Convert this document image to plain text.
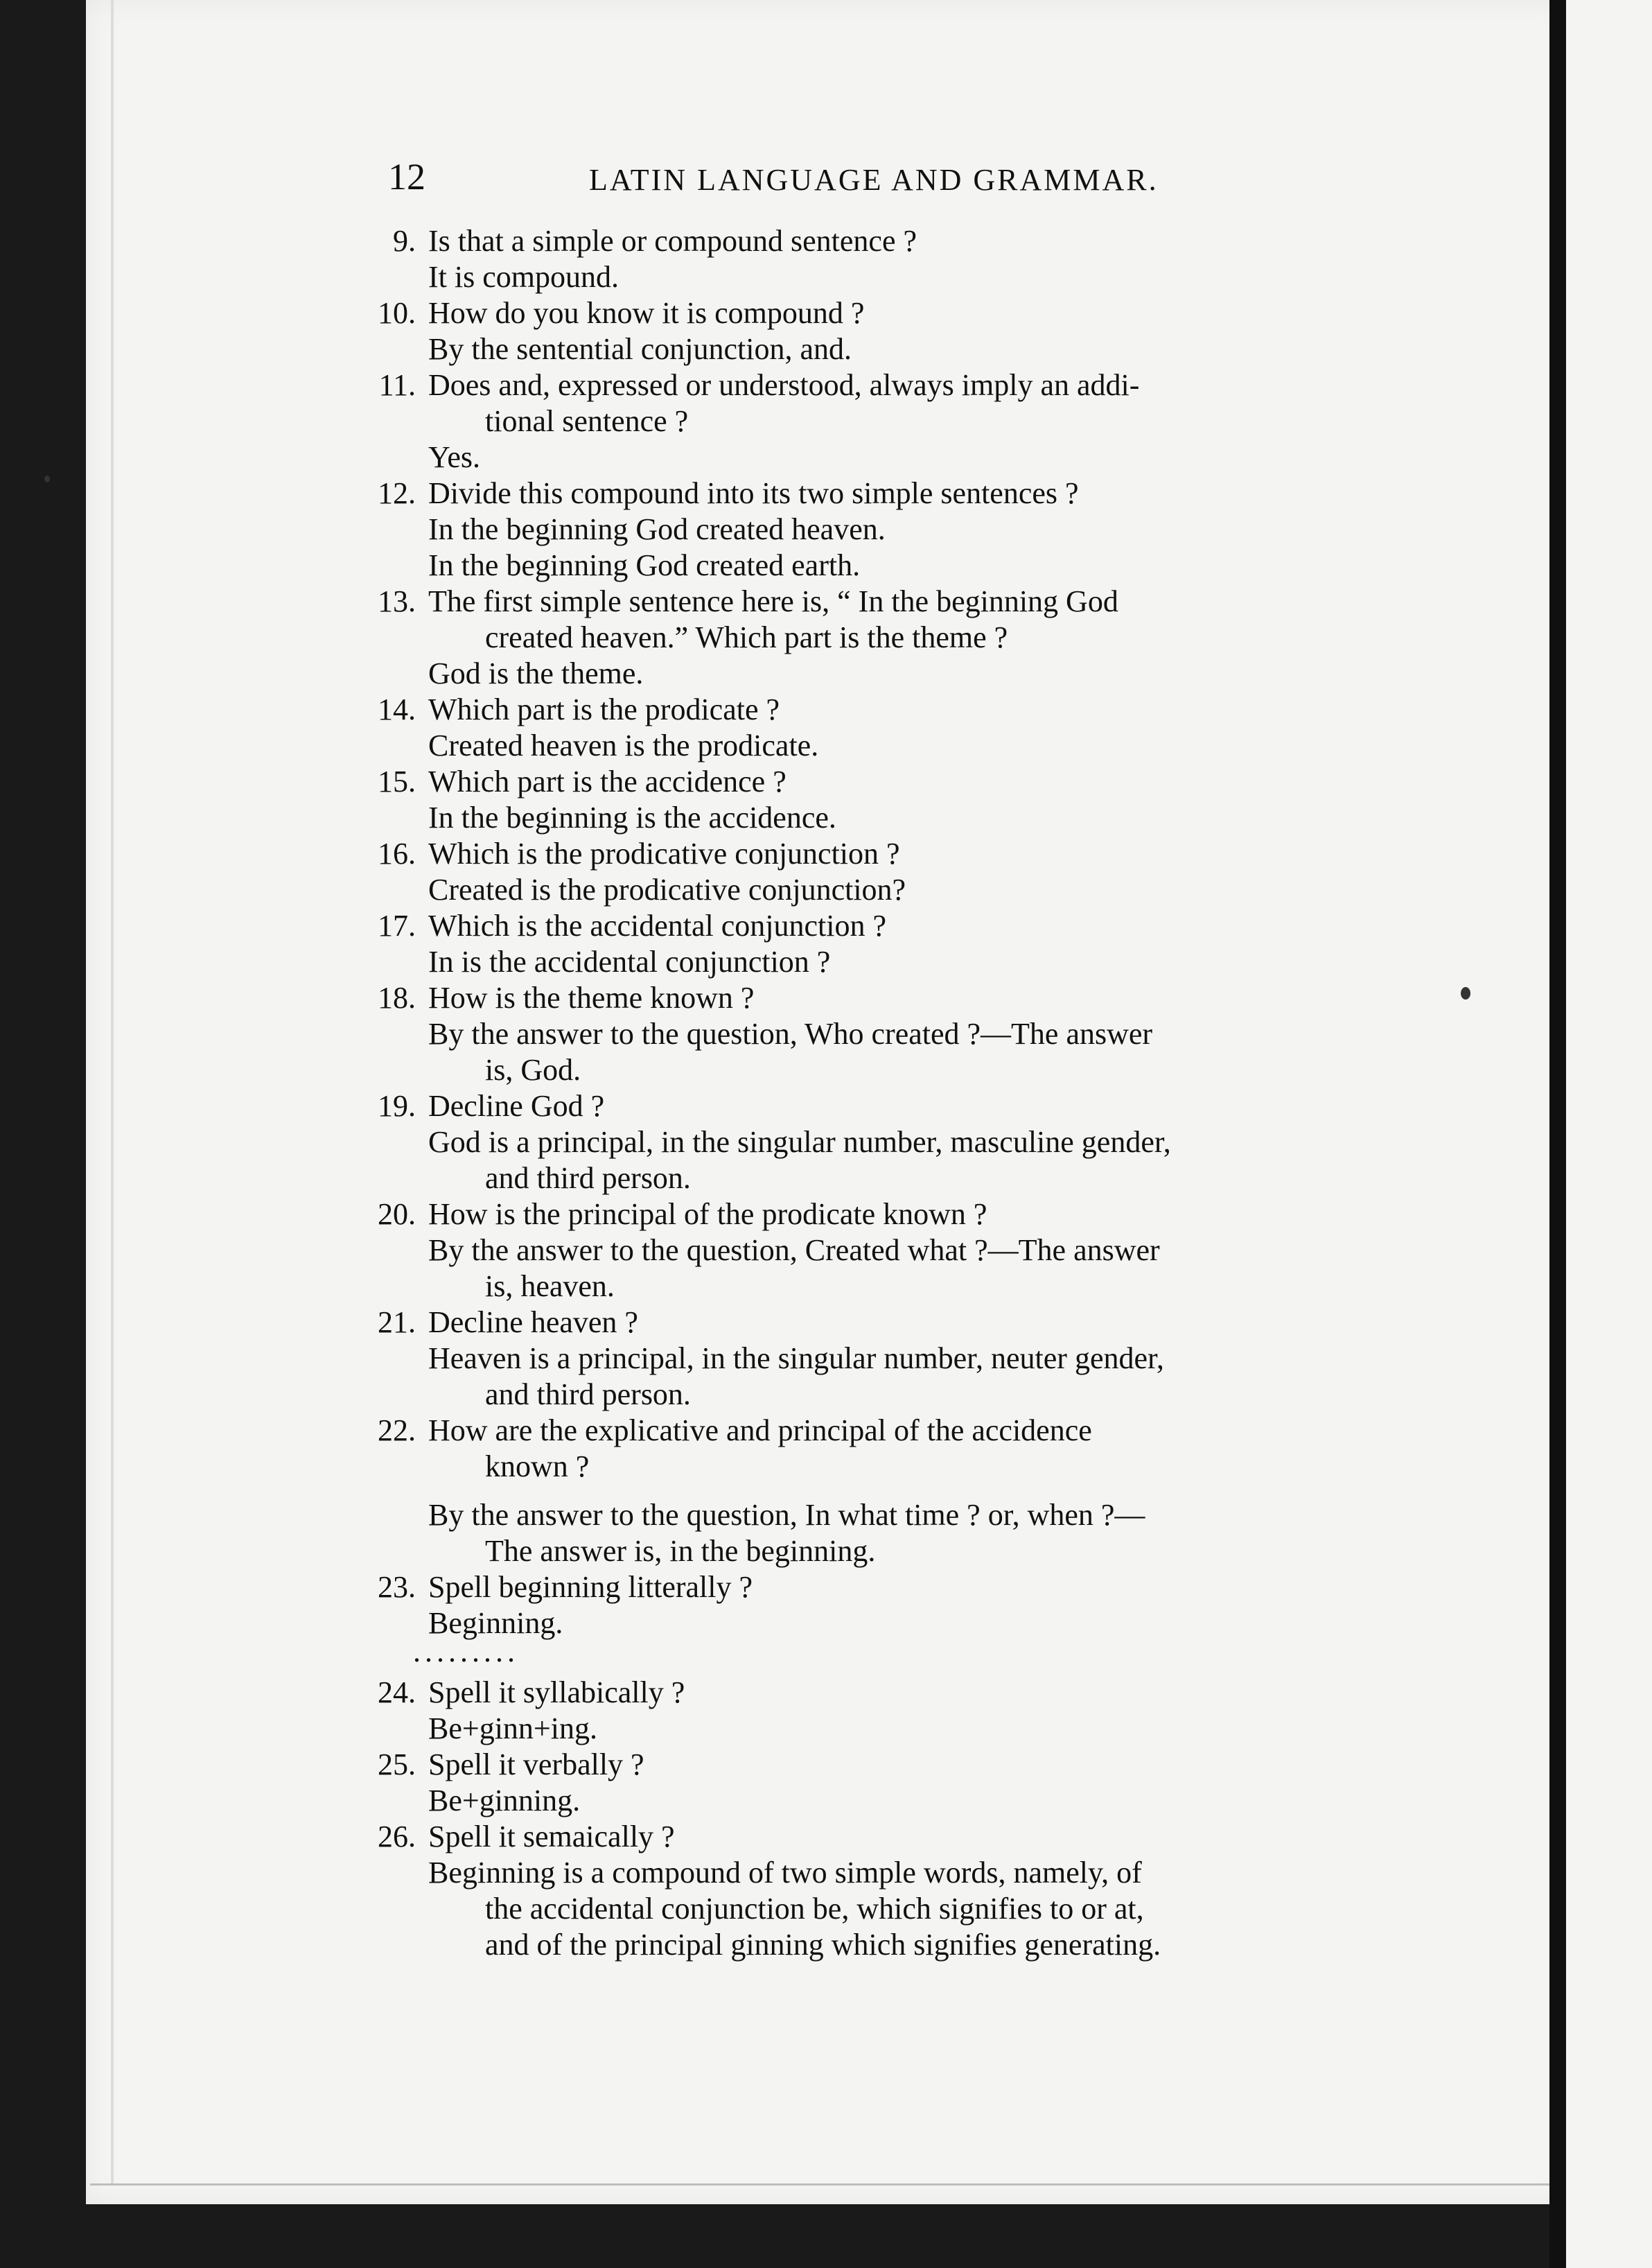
12	LATIN LANGUAGE AND GRAMMAR.
9. Is that a simple or compound sentence ?
It is compound.
10. How do you know it is compound ?
By the sentential conjunction, and.
11. Does and, expressed or understood, always imply an addi-
tional sentence ?
Yes.
12. Divide this compound into its two simple sentences ?
In the beginning God created heaven.
In the beginning God created earth.
13. The first simple sentence here is, “ In the beginning God
created heaven.” Which part is the theme ?
God is the theme.
14. Which part is the prodicate ?
Created heaven is the prodicate.
15. Which part is the accidence ?
In the beginning is the accidence.
16. Which is the prodicative conjunction ?
Created is the prodicative conjunction?
17. Which is the accidental conjunction ?
In is the accidental conjunction ?
18. How is the theme known ?
By the answer to the question, Who created ?—The answer
is, God.
19. Decline God ?
God is a principal, in the singular number, masculine gender,
and third person.
20. How is the principal of the prodicate known ?
By the answer to the question, Created what ?—The answer
is, heaven.
21. Decline heaven ?
Heaven is a principal, in the singular number, neuter gender,
and third person.
22. How are the explicative and principal of the accidence
known ?
By the answer to the question, In what time ? or, when ?—
The answer is, in the beginning.
23. Spell beginning litterally ?
Beginning.
.........
24. Spell it syllabically ?
Be+ginn+ing.
25. Spell it verbally ?
Be+ginning.
26. Spell it semaically ?
Beginning is a compound of two simple words, namely, of
the accidental conjunction be, which signifies to or at,
and of the principal ginning which signifies generating.
